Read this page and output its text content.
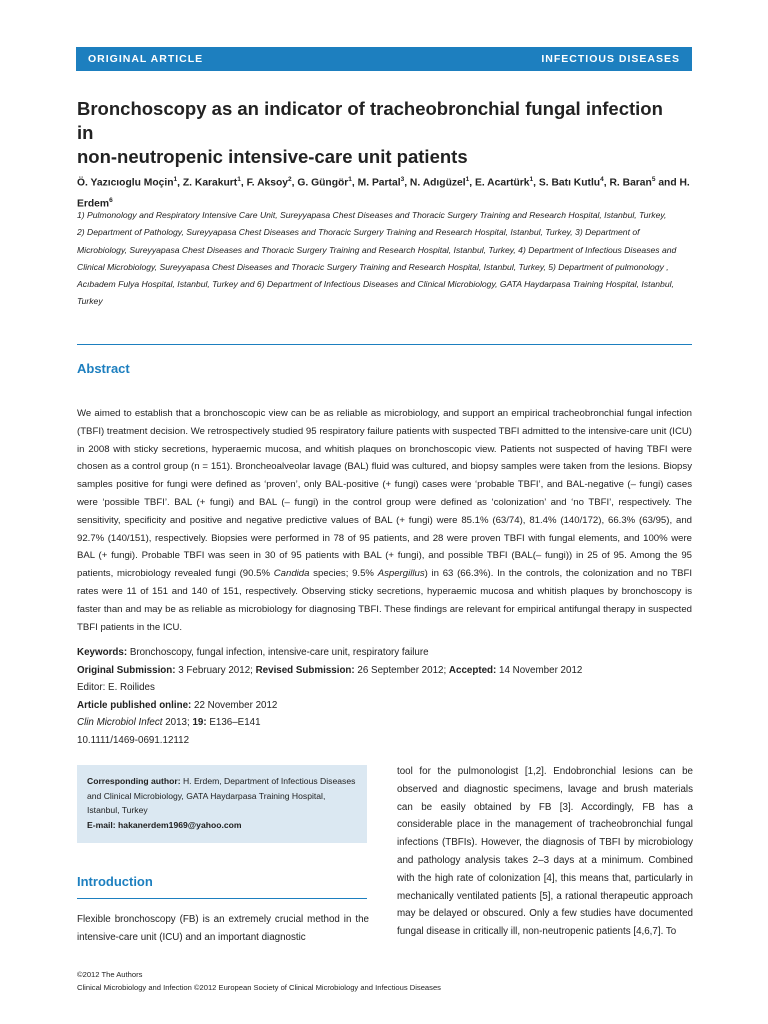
ORIGINAL ARTICLE	INFECTIOUS DISEASES
Bronchoscopy as an indicator of tracheobronchial fungal infection in
non-neutropenic intensive-care unit patients
Ö. Yazıcıoglu Moçin$^1$, Z. Karakurt$^1$, F. Aksoy$^2$, G. Güngör$^1$, M. Partal$^3$, N. Adıgüzel$^1$, E. Acartürk$^1$, S. Batı Kutlu$^4$, R. Baran$^5$ and H. Erdem$^6$
1) Pulmonology and Respiratory Intensive Care Unit, Sureyyapasa Chest Diseases and Thoracic Surgery Training and Research Hospital, Istanbul, Turkey,
2) Department of Pathology, Sureyyapasa Chest Diseases and Thoracic Surgery Training and Research Hospital, Istanbul, Turkey, 3) Department of
Microbiology, Sureyyapasa Chest Diseases and Thoracic Surgery Training and Research Hospital, Istanbul, Turkey, 4) Department of Infectious Diseases and
Clinical Microbiology, Sureyyapasa Chest Diseases and Thoracic Surgery Training and Research Hospital, Istanbul, Turkey, 5) Department of pulmonology ,
Acıbadem Fulya Hospital, Istanbul, Turkey and 6) Department of Infectious Diseases and Clinical Microbiology, GATA Haydarpasa Training Hospital, Istanbul,
Turkey
Abstract
We aimed to establish that a bronchoscopic view can be as reliable as microbiology, and support an empirical tracheobronchial fungal infection (TBFI) treatment decision. We retrospectively studied 95 respiratory failure patients with suspected TBFI admitted to the intensive-care unit (ICU) in 2008 with sticky secretions, hyperaemic mucosa, and whitish plaques on bronchoscopic view. Patients not suspected of having TBFI were chosen as a control group (n = 151). Broncheoalveolar lavage (BAL) fluid was cultured, and biopsy samples were taken from the lesions. Biopsy samples positive for fungi were defined as ‘proven’, only BAL-positive (+ fungi) cases were ‘probable TBFI’, and BAL-negative (– fungi) cases were ‘possible TBFI’. BAL (+ fungi) and BAL (– fungi) in the control group were defined as ‘colonization’ and ‘no TBFI’, respectively. The sensitivity, specificity and positive and negative predictive values of BAL (+ fungi) were 85.1% (63/74), 81.4% (140/172), 66.3% (63/95), and 92.7% (140/151), respectively. Biopsies were performed in 78 of 95 patients, and 28 were proven TBFI with fungal elements, and 100% were BAL (+ fungi). Probable TBFI was seen in 30 of 95 patients with BAL (+ fungi), and possible TBFI (BAL(– fungi)) in 25 of 95. Among the 95 patients, microbiology revealed fungi (90.5% Candida species; 9.5% Aspergillus) in 63 (66.3%). In the controls, the colonization and no TBFI rates were 11 of 151 and 140 of 151, respectively. Observing sticky secretions, hyperaemic mucosa and whitish plaques by bronchoscopy is faster than and may be as reliable as microbiology for diagnosing TBFI. These findings are relevant for empirical antifungal therapy in suspected TBFI patients in the ICU.
Keywords: Bronchoscopy, fungal infection, intensive-care unit, respiratory failure
Original Submission: 3 February 2012; Revised Submission: 26 September 2012; Accepted: 14 November 2012
Editor: E. Roilides
Article published online: 22 November 2012
Clin Microbiol Infect 2013; 19: E136–E141
10.1111/1469-0691.12112
Corresponding author: H. Erdem, Department of Infectious Diseases and Clinical Microbiology, GATA Haydarpasa Training Hospital, Istanbul, Turkey
E-mail: hakanerdem1969@yahoo.com
Introduction
Flexible bronchoscopy (FB) is an extremely crucial method in the intensive-care unit (ICU) and an important diagnostic
tool for the pulmonologist [1,2]. Endobronchial lesions can be observed and diagnostic specimens, lavage and brush materials can be easily obtained by FB [3]. Accordingly, FB has a considerable place in the management of tracheobronchial fungal infections (TBFIs). However, the diagnosis of TBFI by microbiology and pathology analysis takes 2–3 days at a minimum. Combined with the high rate of colonization [4], this means that, particularly in mechanically ventilated patients [5], a rational therapeutic approach may be delayed or obscured. Only a few studies have documented fungal disease in critically ill, non-neutropenic patients [4,6,7]. To
©2012 The Authors
Clinical Microbiology and Infection ©2012 European Society of Clinical Microbiology and Infectious Diseases
